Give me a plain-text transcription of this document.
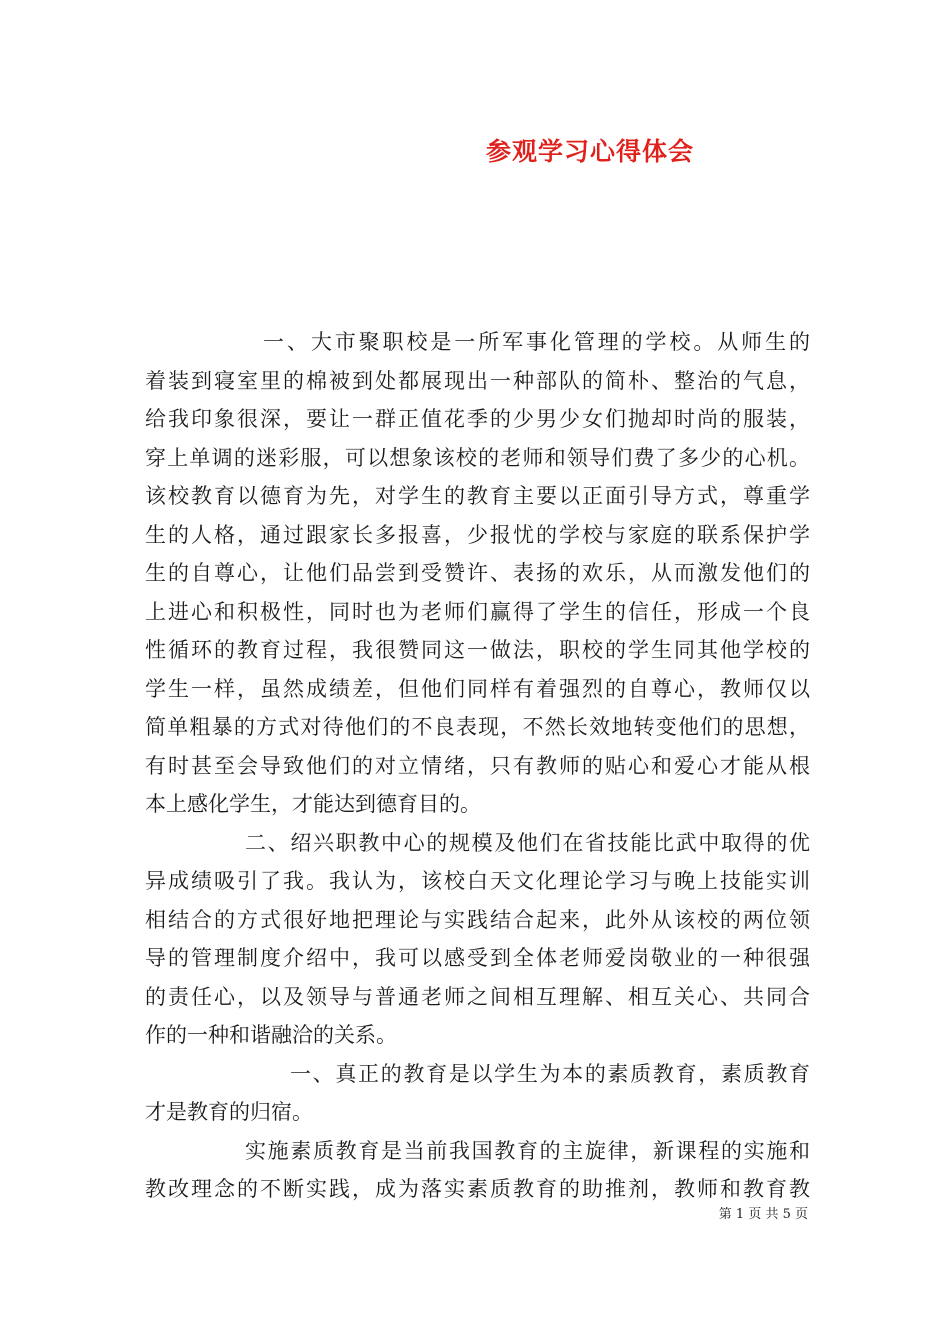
参观学习心得体会
一、大市聚职校是一所军事化管理的学校。从师生的
着装到寝室里的棉被到处都展现出一种部队的简朴、整治的气息，
给我印象很深，要让一群正值花季的少男少女们抛却时尚的服装，
穿上单调的迷彩服，可以想象该校的老师和领导们费了多少的心机。
该校教育以德育为先，对学生的教育主要以正面引导方式，尊重学
生的人格，通过跟家长多报喜，少报忧的学校与家庭的联系保护学
生的自尊心，让他们品尝到受赞许、表扬的欢乐，从而激发他们的
上进心和积极性，同时也为老师们赢得了学生的信任，形成一个良
性循环的教育过程，我很赞同这一做法，职校的学生同其他学校的
学生一样，虽然成绩差，但他们同样有着强烈的自尊心，教师仅以
简单粗暴的方式对待他们的不良表现，不然长效地转变他们的思想，
有时甚至会导致他们的对立情绪，只有教师的贴心和爱心才能从根
本上感化学生，才能达到德育目的。
二、绍兴职教中心的规模及他们在省技能比武中取得的优
异成绩吸引了我。我认为，该校白天文化理论学习与晚上技能实训
相结合的方式很好地把理论与实践结合起来，此外从该校的两位领
导的管理制度介绍中，我可以感受到全体老师爱岗敬业的一种很强
的责任心，以及领导与普通老师之间相互理解、相互关心、共同合
作的一种和谐融洽的关系。
一、真正的教育是以学生为本的素质教育，素质教育
才是教育的归宿。
实施素质教育是当前我国教育的主旋律，新课程的实施和
教改理念的不断实践，成为落实素质教育的助推剂，教师和教育教
第 1 页 共 5 页
